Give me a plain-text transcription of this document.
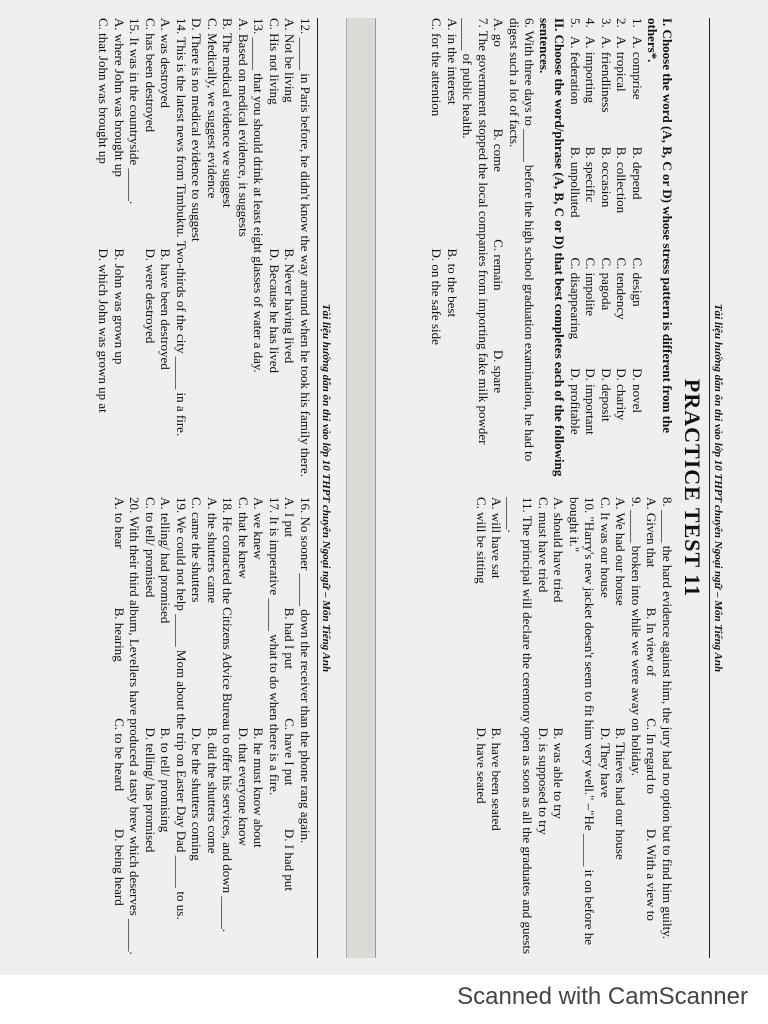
Tài liệu hướng dẫn ôn thi vào lớp 10 THPT chuyên Ngoại ngữ – Môn Tiếng Anh
PRACTICE TEST 11

I. Choose the word (A, B, C or D) whose stress pattern is different from the others*.

1.
A. comprise
B. depend
C. design
D. novel
2.
A. tropical
B. collection
C. tendency
D. charity
3.
A. friendliness
B. occasion
C. pagoda
D. deposit
4.
A. importing
B. specific
C. impolite
D. important
5.
A. federation
B. unpolluted
C. disappearing
D. profitable

II. Choose the word/phrase (A, B, C or D) that best completes each of the following sentences.

6. With three days to _____ before the high school graduation examination, he had to digest such a lot of facts.

A. go
B. come
C. remain
D. spare

7. The government stopped the local companies from importing fake milk powder _____ of public health.

A. in the interest
B. to the best
C. for the attention
D. on the safe side

8. _____ the hard evidence against him, the jury had no option but to find him guilty.

A. Given that
B. In view of
C. In regard to
D. With a view to

9. _____ broken into while we were away on holiday.

A. We had our house
B. Thieves had our house
C. It was our house
D. They have

10. "Harry's new jacket doesn't seem to fit him very well." –"He _____ it on before he bought it."

A. should have tried
B. was able to try
C. must have tried
D. is supposed to try

11. The principal will declare the ceremony open as soon as all the graduates and guests _____.

A. will have sat
B. have been seated
C. will be sitting
D. have seated
Tài liệu hướng dẫn ôn thi vào lớp 10 THPT chuyên Ngoại ngữ – Môn Tiếng Anh

12. _____ in Paris before, he didn't know the way around when he took his family there.

A. Not be living
B. Never having lived
C. His not living
D. Because he has lived

13. _____ that you should drink at least eight glasses of water a day.

A. Based on medical evidence, it suggests

B. The medical evidence we suggest

C. Medically, we suggest evidence

D. There is no medical evidence to suggest

14. This is the latest news from Timbuktu. Two-thirds of the city _____ in a fire.

A. was destroyed
B. have been destroyed
C. has been destroyed
D. were destroyed

15. It was in the countryside _____.

A. where John was brought up
B. John was grown up
C. that John was brought up
D. which John was grown up at

16. No sooner _____ down the receiver than the phone rang again.

A. I put
B. had I put
C. have I put
D. I had put

17. It is imperative _____ what to do when there is a fire.

A. we knew
B. he must know about
C. that he knew
D. that everyone know

18. He contacted the Citizens Advice Bureau to offer his services, and down _____.

A. the shutters came
B. did the shutters come
C. came the shutters
D. be the shutters coming

19. We could not help _____ Mom about the trip on Easter Day Dad _____ to us.

A. telling/ had promised
B. to tell/ promising
C. to tell/ promised
D. telling/ has promised

20. With their third album, Levellers have produced a tasty brew which deserves _____.

A. to hear
B. hearing
C. to be heard
D. being heard
Scanned with CamScanner
